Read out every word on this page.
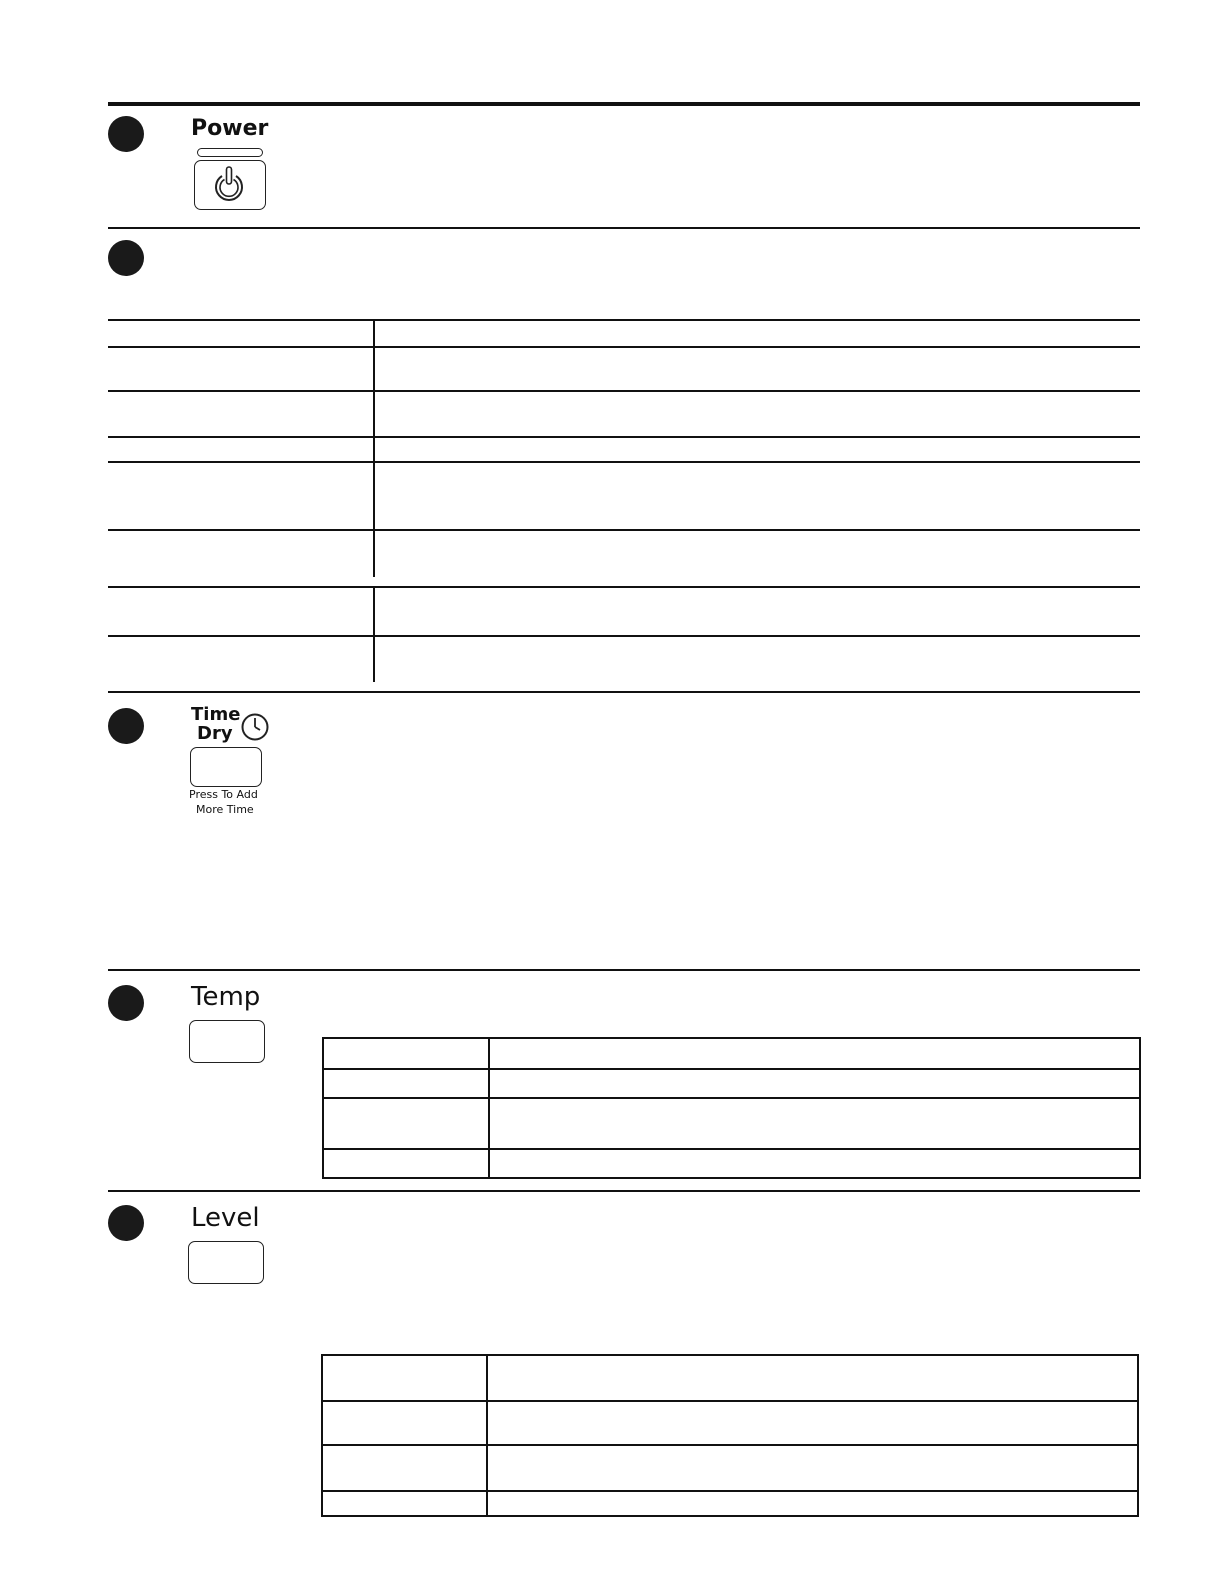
Power
Time
Dry
Press To Add
More Time
Temp
Level
